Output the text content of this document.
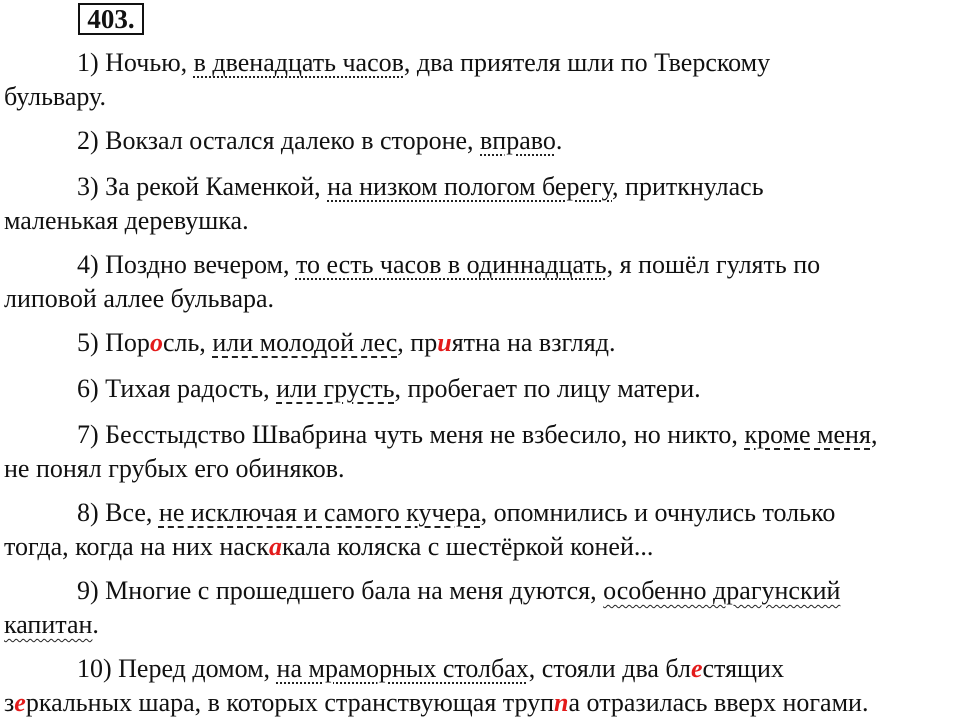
403.
1) Ночью, в двенадцать часов, два приятеля шли по Тверскому
бульвару.
2) Вокзал остался далеко в стороне, вправо.
3) За рекой Каменкой, на низком пологом берегу, приткнулась
маленькая деревушка.
4) Поздно вечером, то есть часов в одиннадцать, я пошёл гулять по
липовой аллее бульвара.
5) Поросль, или молодой лес, приятна на взгляд.
6) Тихая радость, или грусть, пробегает по лицу матери.
7) Бесстыдство Швабрина чуть меня не взбесило, но никто, кроме меня,
не понял грубых его обиняков.
8) Все, не исключая и самого кучера, опомнились и очнулись только
тогда, когда на них наскакала коляска с шестёркой коней...
9) Многие с прошедшего бала на меня дуются, особенно драгунский
капитан.
10) Перед домом, на мраморных столбах, стояли два блестящих
зеркальных шара, в которых странствующая труппа отразилась вверх ногами.
